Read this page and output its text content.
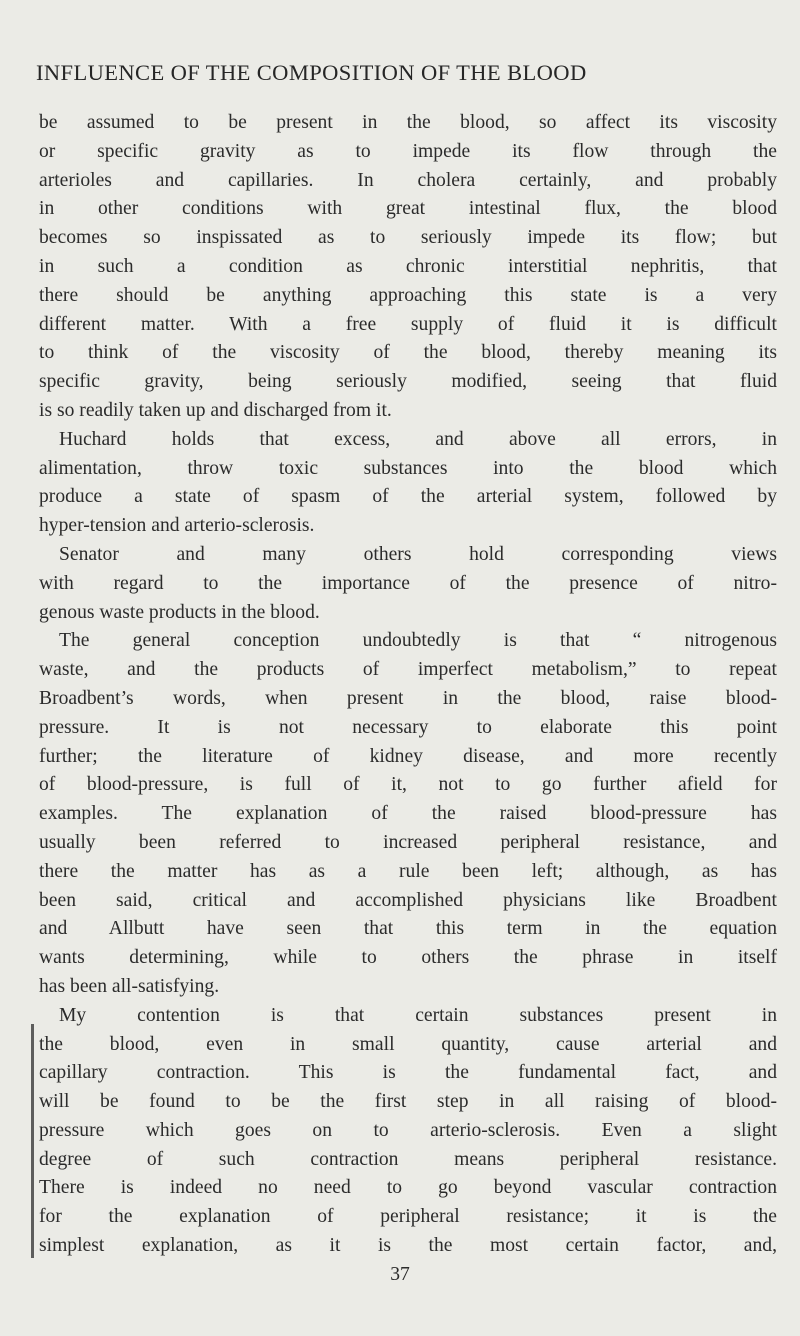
INFLUENCE OF THE COMPOSITION OF THE BLOOD
be assumed to be present in the blood, so affect its viscosity
or specific gravity as to impede its flow through the
arterioles and capillaries. In cholera certainly, and probably
in other conditions with great intestinal flux, the blood
becomes so inspissated as to seriously impede its flow; but
in such a condition as chronic interstitial nephritis, that
there should be anything approaching this state is a very
different matter. With a free supply of fluid it is difficult
to think of the viscosity of the blood, thereby meaning its
specific gravity, being seriously modified, seeing that fluid
is so readily taken up and discharged from it.
Huchard holds that excess, and above all errors, in
alimentation, throw toxic substances into the blood which
produce a state of spasm of the arterial system, followed by
hyper-tension and arterio-sclerosis.
Senator and many others hold corresponding views
with regard to the importance of the presence of nitro-
genous waste products in the blood.
The general conception undoubtedly is that “ nitrogenous
waste, and the products of imperfect metabolism,” to repeat
Broadbent’s words, when present in the blood, raise blood-
pressure. It is not necessary to elaborate this point
further; the literature of kidney disease, and more recently
of blood-pressure, is full of it, not to go further afield for
examples. The explanation of the raised blood-pressure has
usually been referred to increased peripheral resistance, and
there the matter has as a rule been left; although, as has
been said, critical and accomplished physicians like Broadbent
and Allbutt have seen that this term in the equation
wants determining, while to others the phrase in itself
has been all-satisfying.
My contention is that certain substances present in
the blood, even in small quantity, cause arterial and
capillary contraction. This is the fundamental fact, and
will be found to be the first step in all raising of blood-
pressure which goes on to arterio-sclerosis. Even a slight
degree of such contraction means peripheral resistance.
There is indeed no need to go beyond vascular contraction
for the explanation of peripheral resistance; it is the
simplest explanation, as it is the most certain factor, and,
37
